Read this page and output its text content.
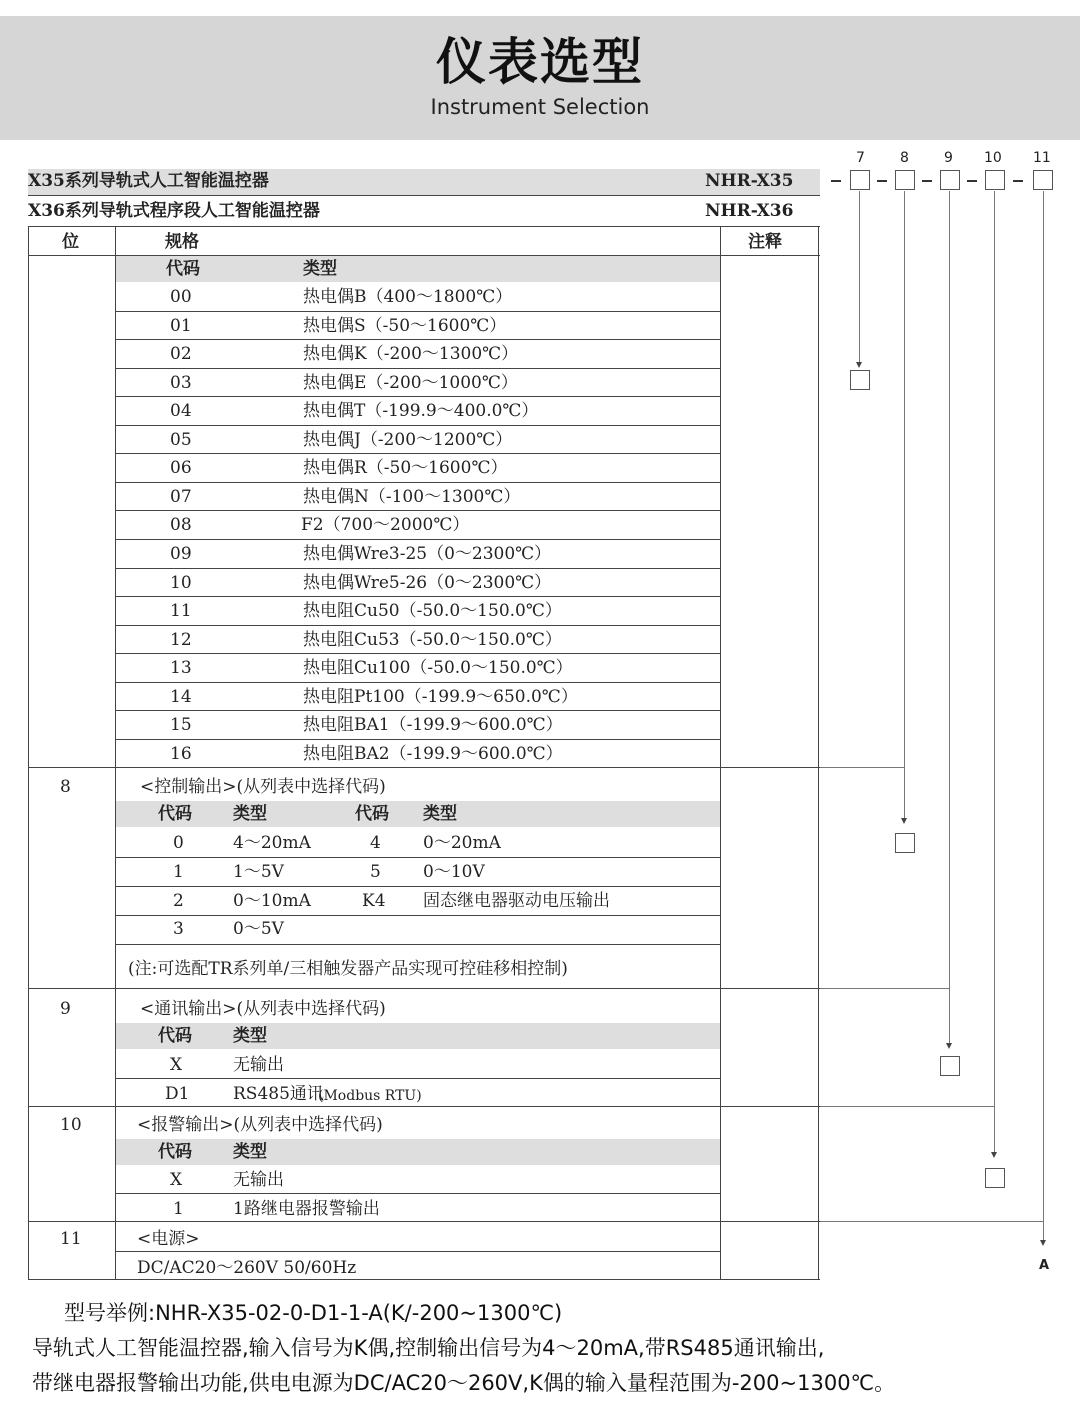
仪表选型
Instrument Selection
X35系列导轨式人工智能温控器	NHR-X35
X36系列导轨式程序段人工智能温控器	NHR-X36
7	8	9 10 11
A
位	规格	注释
代码	类型
00	热电偶B（400～1800℃）
01	热电偶S（-50～1600℃）
02	热电偶K（-200～1300℃）
03	热电偶E（-200～1000℃）
04	热电偶T（-199.9～400.0℃）
05	热电偶J（-200～1200℃）
06	热电偶R（-50～1600℃）
07	热电偶N（-100～1300℃）
08	F2（700～2000℃）
09	热电偶Wre3-25（0～2300℃）
10	热电偶Wre5-26（0～2300℃）
11	热电阻Cu50（-50.0～150.0℃）
12	热电阻Cu53（-50.0～150.0℃）
13	热电阻Cu100（-50.0～150.0℃）
14	热电阻Pt100（-199.9～650.0℃）
15	热电阻BA1（-199.9～600.0℃）
16	热电阻BA2（-199.9～600.0℃）
8	<控制输出>(从列表中选择代码)
代码 类型	代码 类型
0	4～20mA	4 0～20mA
1	1～5V	5 0～10V
2	0～10mA	K4 固态继电器驱动电压输出
3	0～5V
(注:可选配TR系列单/三相触发器产品实现可控硅移相控制)
9	<通讯输出>(从列表中选择代码)
代码 类型
X	无输出
D1	RS485通讯
(Modbus RTU)
10	<报警输出>(从列表中选择代码)
代码 类型
X	无输出
1	1路继电器报警输出
11	<电源>
DC/AC20～260V 50/60Hz
型号举例:NHR-X35-02-0-D1-1-A(K/-200~1300℃)
导轨式人工智能温控器,输入信号为K偶,控制输出信号为4～20mA,带RS485通讯输出,
带继电器报警输出功能,供电电源为DC/AC20～260V,K偶的输入量程范围为-200~1300℃。
